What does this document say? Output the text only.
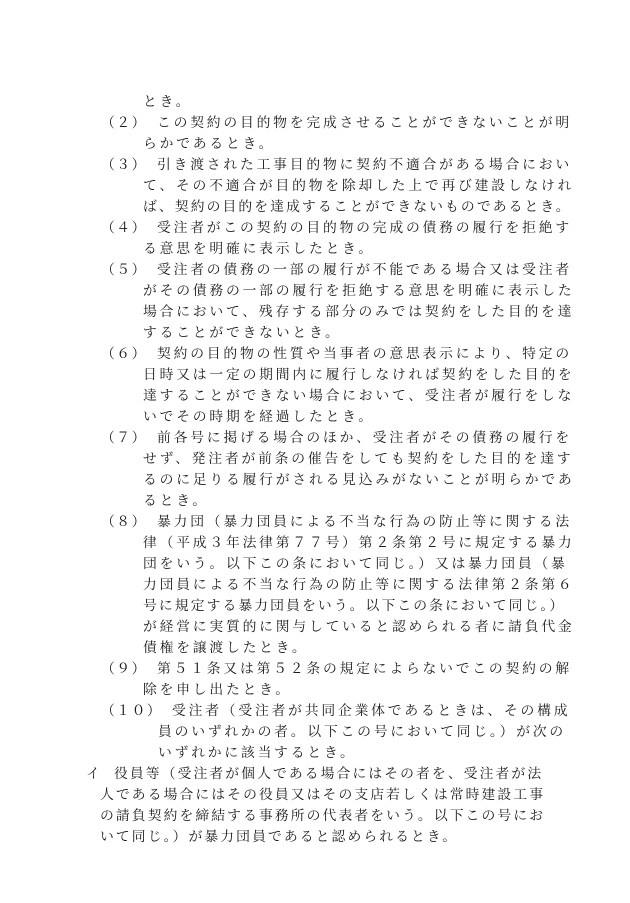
とき。
（２） この契約の目的物を完成させることができないことが明
らかであるとき。
（３） 引き渡された工事目的物に契約不適合がある場合におい
て、その不適合が目的物を除却した上で再び建設しなけれ
ば、契約の目的を達成することができないものであるとき。
（４） 受注者がこの契約の目的物の完成の債務の履行を拒絶す
る意思を明確に表示したとき。
（５） 受注者の債務の一部の履行が不能である場合又は受注者
がその債務の一部の履行を拒絶する意思を明確に表示した
場合において、残存する部分のみでは契約をした目的を達
することができないとき。
（６） 契約の目的物の性質や当事者の意思表示により、特定の
日時又は一定の期間内に履行しなければ契約をした目的を
達することができない場合において、受注者が履行をしな
いでその時期を経過したとき。
（７） 前各号に掲げる場合のほか、受注者がその債務の履行を
せず、発注者が前条の催告をしても契約をした目的を達す
るのに足りる履行がされる見込みがないことが明らかであ
るとき。
（８） 暴力団（暴力団員による不当な行為の防止等に関する法
律（平成３年法律第７７号）第２条第２号に規定する暴力
団をいう。以下この条において同じ。）又は暴力団員（暴
力団員による不当な行為の防止等に関する法律第２条第６
号に規定する暴力団員をいう。以下この条において同じ。）
が経営に実質的に関与していると認められる者に請負代金
債権を譲渡したとき。
（９） 第５１条又は第５２条の規定によらないでこの契約の解
除を申し出たとき。
（１０） 受注者（受注者が共同企業体であるときは、その構成
員のいずれかの者。以下この号において同じ。）が次の
いずれかに該当するとき。
イ 役員等（受注者が個人である場合にはその者を、受注者が法
人である場合にはその役員又はその支店若しくは常時建設工事
の請負契約を締結する事務所の代表者をいう。以下この号にお
いて同じ。）が暴力団員であると認められるとき。
